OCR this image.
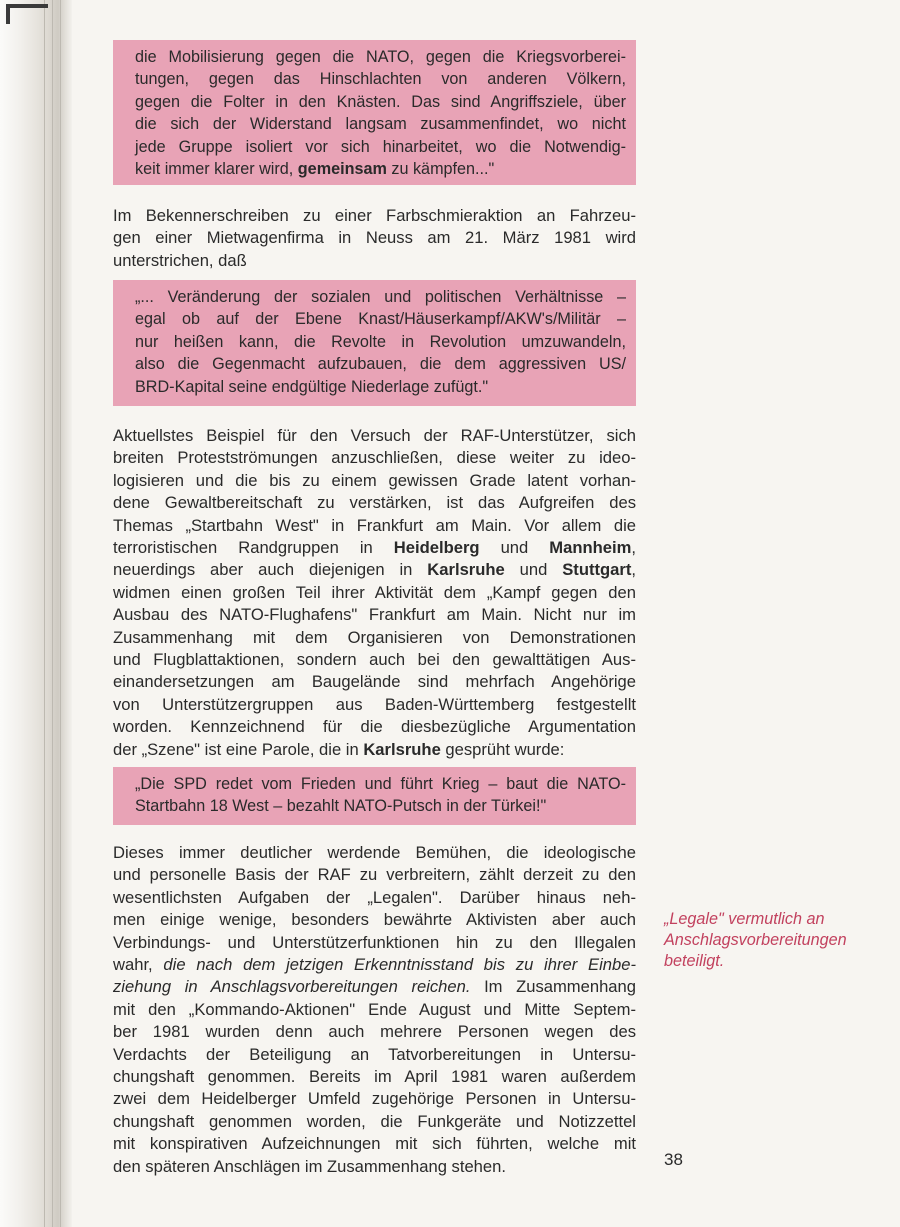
die Mobilisierung gegen die NATO, gegen die Kriegsvorberei-
tungen, gegen das Hinschlachten von anderen Völkern,
gegen die Folter in den Knästen. Das sind Angriffsziele, über
die sich der Widerstand langsam zusammenfindet, wo nicht
jede Gruppe isoliert vor sich hinarbeitet, wo die Notwendig-
keit immer klarer wird, gemeinsam zu kämpfen..."
Im Bekennerschreiben zu einer Farbschmieraktion an Fahrzeu-
gen einer Mietwagenfirma in Neuss am 21. März 1981 wird
unterstrichen, daß
„... Veränderung der sozialen und politischen Verhältnisse –
egal ob auf der Ebene Knast/Häuserkampf/AKW's/Militär –
nur heißen kann, die Revolte in Revolution umzuwandeln,
also die Gegenmacht aufzubauen, die dem aggressiven US/
BRD-Kapital seine endgültige Niederlage zufügt."
Aktuellstes Beispiel für den Versuch der RAF-Unterstützer, sich
breiten Protestströmungen anzuschließen, diese weiter zu ideo-
logisieren und die bis zu einem gewissen Grade latent vorhan-
dene Gewaltbereitschaft zu verstärken, ist das Aufgreifen des
Themas „Startbahn West" in Frankfurt am Main. Vor allem die
terroristischen Randgruppen in Heidelberg und Mannheim,
neuerdings aber auch diejenigen in Karlsruhe und Stuttgart,
widmen einen großen Teil ihrer Aktivität dem „Kampf gegen den
Ausbau des NATO-Flughafens" Frankfurt am Main. Nicht nur im
Zusammenhang mit dem Organisieren von Demonstrationen
und Flugblattaktionen, sondern auch bei den gewalttätigen Aus-
einandersetzungen am Baugelände sind mehrfach Angehörige
von Unterstützergruppen aus Baden-Württemberg festgestellt
worden. Kennzeichnend für die diesbezügliche Argumentation
der „Szene" ist eine Parole, die in Karlsruhe gesprüht wurde:
„Die SPD redet vom Frieden und führt Krieg – baut die NATO-
Startbahn 18 West – bezahlt NATO-Putsch in der Türkei!"
Dieses immer deutlicher werdende Bemühen, die ideologische
und personelle Basis der RAF zu verbreitern, zählt derzeit zu den
wesentlichsten Aufgaben der „Legalen". Darüber hinaus neh-
men einige wenige, besonders bewährte Aktivisten aber auch
Verbindungs- und Unterstützerfunktionen hin zu den Illegalen
wahr, die nach dem jetzigen Erkenntnisstand bis zu ihrer Einbe-
ziehung in Anschlagsvorbereitungen reichen. Im Zusammenhang
mit den „Kommando-Aktionen" Ende August und Mitte Septem-
ber 1981 wurden denn auch mehrere Personen wegen des
Verdachts der Beteiligung an Tatvorbereitungen in Untersu-
chungshaft genommen. Bereits im April 1981 waren außerdem
zwei dem Heidelberger Umfeld zugehörige Personen in Untersu-
chungshaft genommen worden, die Funkgeräte und Notizzettel
mit konspirativen Aufzeichnungen mit sich führten, welche mit
den späteren Anschlägen im Zusammenhang stehen.
„Legale" vermutlich an
Anschlagsvorbereitungen
beteiligt.
38
